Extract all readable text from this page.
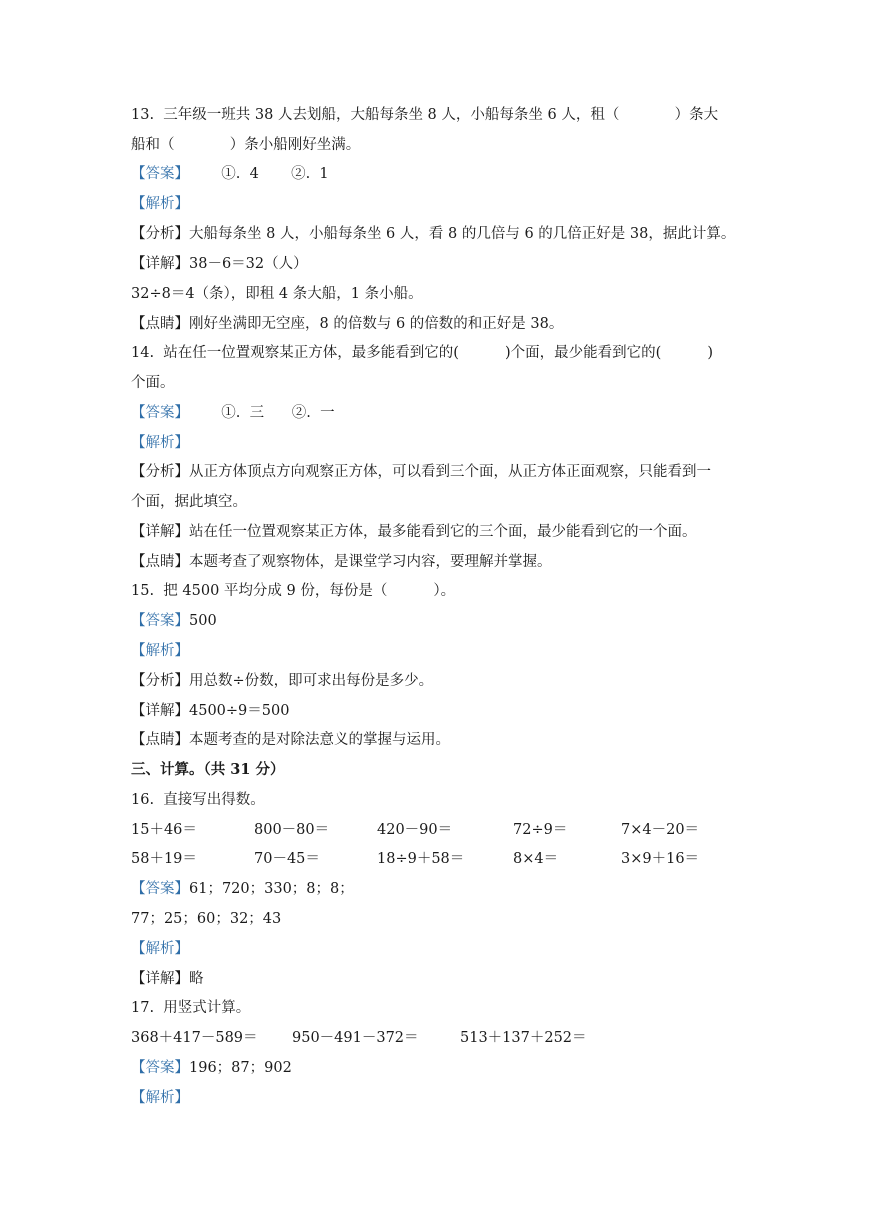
13.  三年级一班共 38 人去划船，大船每条坐 8 人，小船每条坐 6 人，租（            ）条大
船和（            ）条小船刚好坐满。
【答案】       ①.  4       ②.  1
【解析】
【分析】大船每条坐 8 人，小船每条坐 6 人，看 8 的几倍与 6 的几倍正好是 38，据此计算。
【详解】38－6＝32（人）
32÷8＝4（条），即租 4 条大船，1 条小船。
【点睛】刚好坐满即无空座，8 的倍数与 6 的倍数的和正好是 38。
14.  站在任一位置观察某正方体，最多能看到它的(          )个面，最少能看到它的(          )
个面。
【答案】       ①.  三      ②.  一
【解析】
【分析】从正方体顶点方向观察正方体，可以看到三个面，从正方体正面观察，只能看到一
个面，据此填空。
【详解】站在任一位置观察某正方体，最多能看到它的三个面，最少能看到它的一个面。
【点睛】本题考查了观察物体，是课堂学习内容，要理解并掌握。
15.  把 4500 平均分成 9 份，每份是（          ）。
【答案】500
【解析】
【分析】用总数÷份数，即可求出每份是多少。
【详解】4500÷9＝500
【点睛】本题考查的是对除法意义的掌握与运用。
三、计算。（共 31 分）
16.  直接写出得数。
15＋46＝	800－80＝	420－90＝	72÷9＝	7×4－20＝
58＋19＝	70－45＝	18÷9＋58＝	8×4＝	3×9＋16＝
【答案】61；720；330；8；8；
77；25；60；32；43
【解析】
【详解】略
17.  用竖式计算。
368＋417－589＝ 950－491－372＝	513＋137＋252＝
【答案】196；87；902
【解析】
